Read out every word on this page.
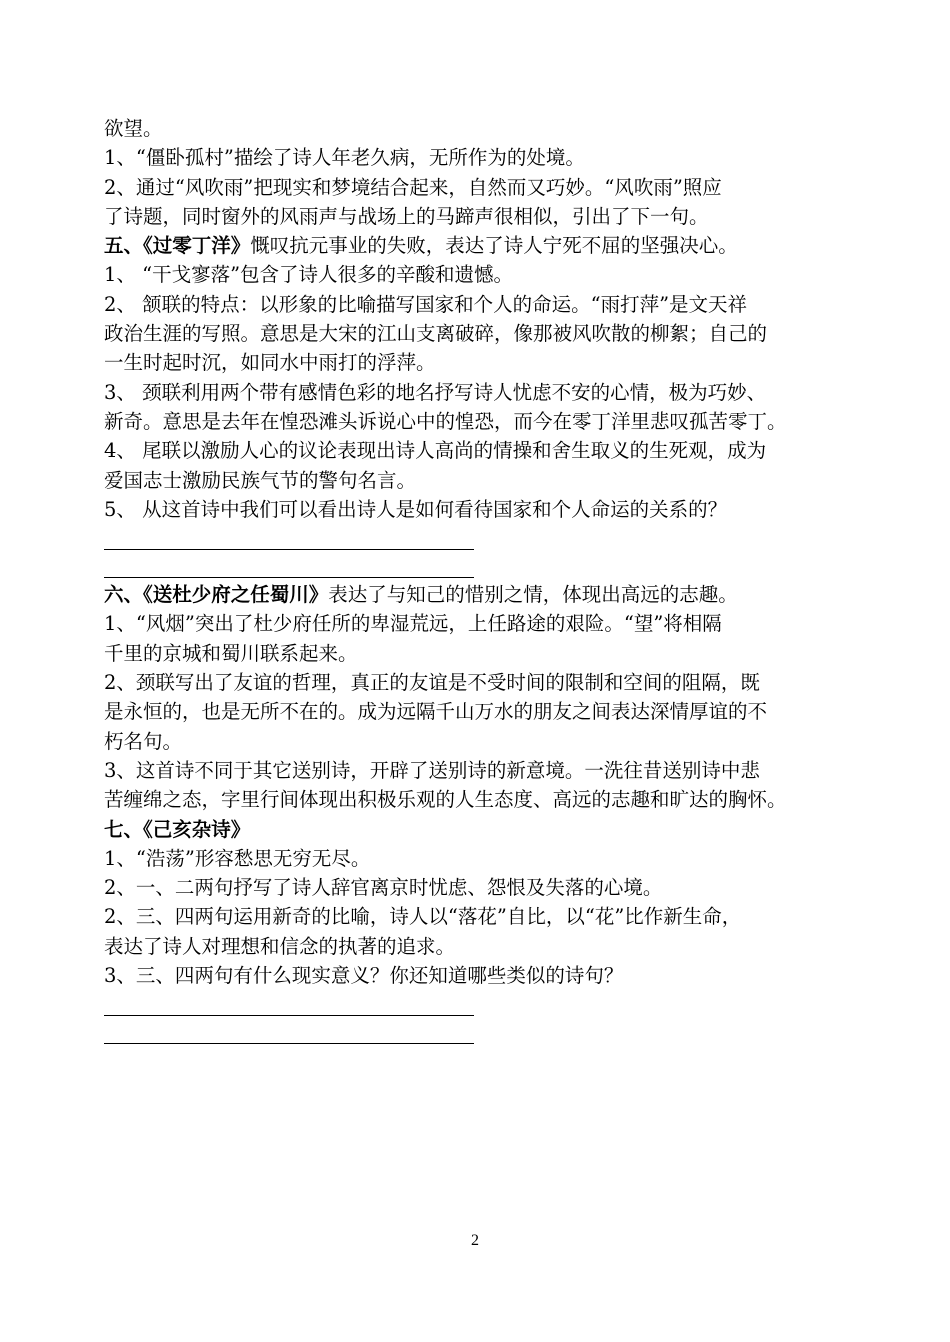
欲望。
1、“僵卧孤村”描绘了诗人年老久病，无所作为的处境。
2、通过“风吹雨”把现实和梦境结合起来，自然而又巧妙。“风吹雨”照应
了诗题，同时窗外的风雨声与战场上的马蹄声很相似，引出了下一句。
五、《过零丁洋》慨叹抗元事业的失败，表达了诗人宁死不屈的坚强决心。
1、 “干戈寥落”包含了诗人很多的辛酸和遗憾。
2、 颔联的特点：以形象的比喻描写国家和个人的命运。“雨打萍”是文天祥
政治生涯的写照。意思是大宋的江山支离破碎，像那被风吹散的柳絮；自己的
一生时起时沉，如同水中雨打的浮萍。
3、 颈联利用两个带有感情色彩的地名抒写诗人忧虑不安的心情，极为巧妙、
新奇。意思是去年在惶恐滩头诉说心中的惶恐，而今在零丁洋里悲叹孤苦零丁。
4、 尾联以激励人心的议论表现出诗人高尚的情操和舍生取义的生死观，成为
爱国志士激励民族气节的警句名言。
5、 从这首诗中我们可以看出诗人是如何看待国家和个人命运的关系的？
六、《送杜少府之任蜀川》表达了与知己的惜别之情，体现出高远的志趣。
1、“风烟”突出了杜少府任所的卑湿荒远，上任路途的艰险。“望”将相隔
千里的京城和蜀川联系起来。
2、颈联写出了友谊的哲理，真正的友谊是不受时间的限制和空间的阻隔，既
是永恒的，也是无所不在的。成为远隔千山万水的朋友之间表达深情厚谊的不
朽名句。
3、这首诗不同于其它送别诗，开辟了送别诗的新意境。一洗往昔送别诗中悲
苦缠绵之态，字里行间体现出积极乐观的人生态度、高远的志趣和旷达的胸怀。
七、《己亥杂诗》
1、“浩荡”形容愁思无穷无尽。
2、一、二两句抒写了诗人辞官离京时忧虑、怨恨及失落的心境。
2、三、四两句运用新奇的比喻，诗人以“落花”自比，以“花”比作新生命，
表达了诗人对理想和信念的执著的追求。
3、三、四两句有什么现实意义？你还知道哪些类似的诗句？
2
